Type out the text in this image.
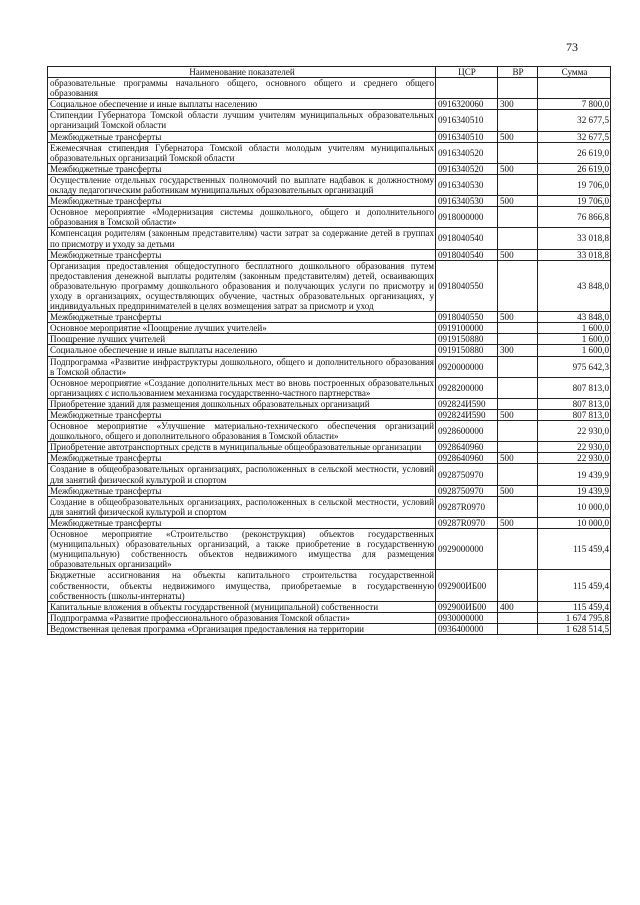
73
Наименование показателей	ЦСР	ВР	Сумма
образовательные программы начального общего, основного общего и среднего общего образования			
Социальное обеспечение и иные выплаты населению	0916320060	300	7 800,0
Стипендии Губернатора Томской области лучшим учителям муниципальных образовательных организаций Томской области	0916340510		32 677,5
Межбюджетные трансферты	0916340510	500	32 677,5
Ежемесячная стипендия Губернатора Томской области молодым учителям муниципальных образовательных организаций Томской области	0916340520		26 619,0
Межбюджетные трансферты	0916340520	500	26 619,0
Осуществление отдельных государственных полномочий по выплате надбавок к должностному окладу педагогическим работникам муниципальных образовательных организаций	0916340530		19 706,0
Межбюджетные трансферты	0916340530	500	19 706,0
Основное мероприятие «Модернизация системы дошкольного, общего и дополнительного образования в Томской области»	0918000000		76 866,8
Компенсация родителям (законным представителям) части затрат за содержание детей в группах по присмотру и уходу за детьми	0918040540		33 018,8
Межбюджетные трансферты	0918040540	500	33 018,8
Организация предоставления общедоступного бесплатного дошкольного образования путем предоставления денежной выплаты родителям (законным представителям) детей, осваивающих образовательную программу дошкольного образования и получающих услуги по присмотру и уходу в организациях, осуществляющих обучение, частных образовательных организациях, у индивидуальных предпринимателей в целях возмещения затрат за присмотр и уход	0918040550		43 848,0
Межбюджетные трансферты	0918040550	500	43 848,0
Основное мероприятие «Поощрение лучших учителей»	0919100000		1 600,0
Поощрение лучших учителей	0919150880		1 600,0
Социальное обеспечение и иные выплаты населению	0919150880	300	1 600,0
Подпрограмма «Развитие инфраструктуры дошкольного, общего и дополнительного образования в Томской области»	0920000000		975 642,3
Основное мероприятие «Создание дополнительных мест во вновь построенных образовательных организациях с использованием механизма государственно-частного партнерства»	0928200000		807 813,0
Приобретение зданий для размещения дошкольных образовательных организаций	092824И590		807 813,0
Межбюджетные трансферты	092824И590	500	807 813,0
Основное мероприятие «Улучшение материально-технического обеспечения организаций дошкольного, общего и дополнительного образования в Томской области»	0928600000		22 930,0
Приобретение автотранспортных средств в муниципальные общеобразовательные организации	0928640960		22 930,0
Межбюджетные трансферты	0928640960	500	22 930,0
Создание в общеобразовательных организациях, расположенных в сельской местности, условий для занятий физической культурой и спортом	0928750970		19 439,9
Межбюджетные трансферты	0928750970	500	19 439,9
Создание в общеобразовательных организациях, расположенных в сельской местности, условий для занятий физической культурой и спортом	09287R0970		10 000,0
Межбюджетные трансферты	09287R0970	500	10 000,0
Основное мероприятие «Строительство (реконструкция) объектов государственных (муниципальных) образовательных организаций, а также приобретение в государственную (муниципальную) собственность объектов недвижимого имущества для размещения образовательных организаций»	0929000000		115 459,4
Бюджетные ассигнования на объекты капитального строительства государственной собственности, объекты недвижимого имущества, приобретаемые в государственную собственность (школы-интернаты)	092900ИБ00		115 459,4
Капитальные вложения в объекты государственной (муниципальной) собственности	092900ИБ00	400	115 459,4
Подпрограмма «Развитие профессионального образования Томской области»	0930000000		1 674 795,8
Ведомственная целевая программа «Организация предоставления на территории	0936400000		1 628 514,5
